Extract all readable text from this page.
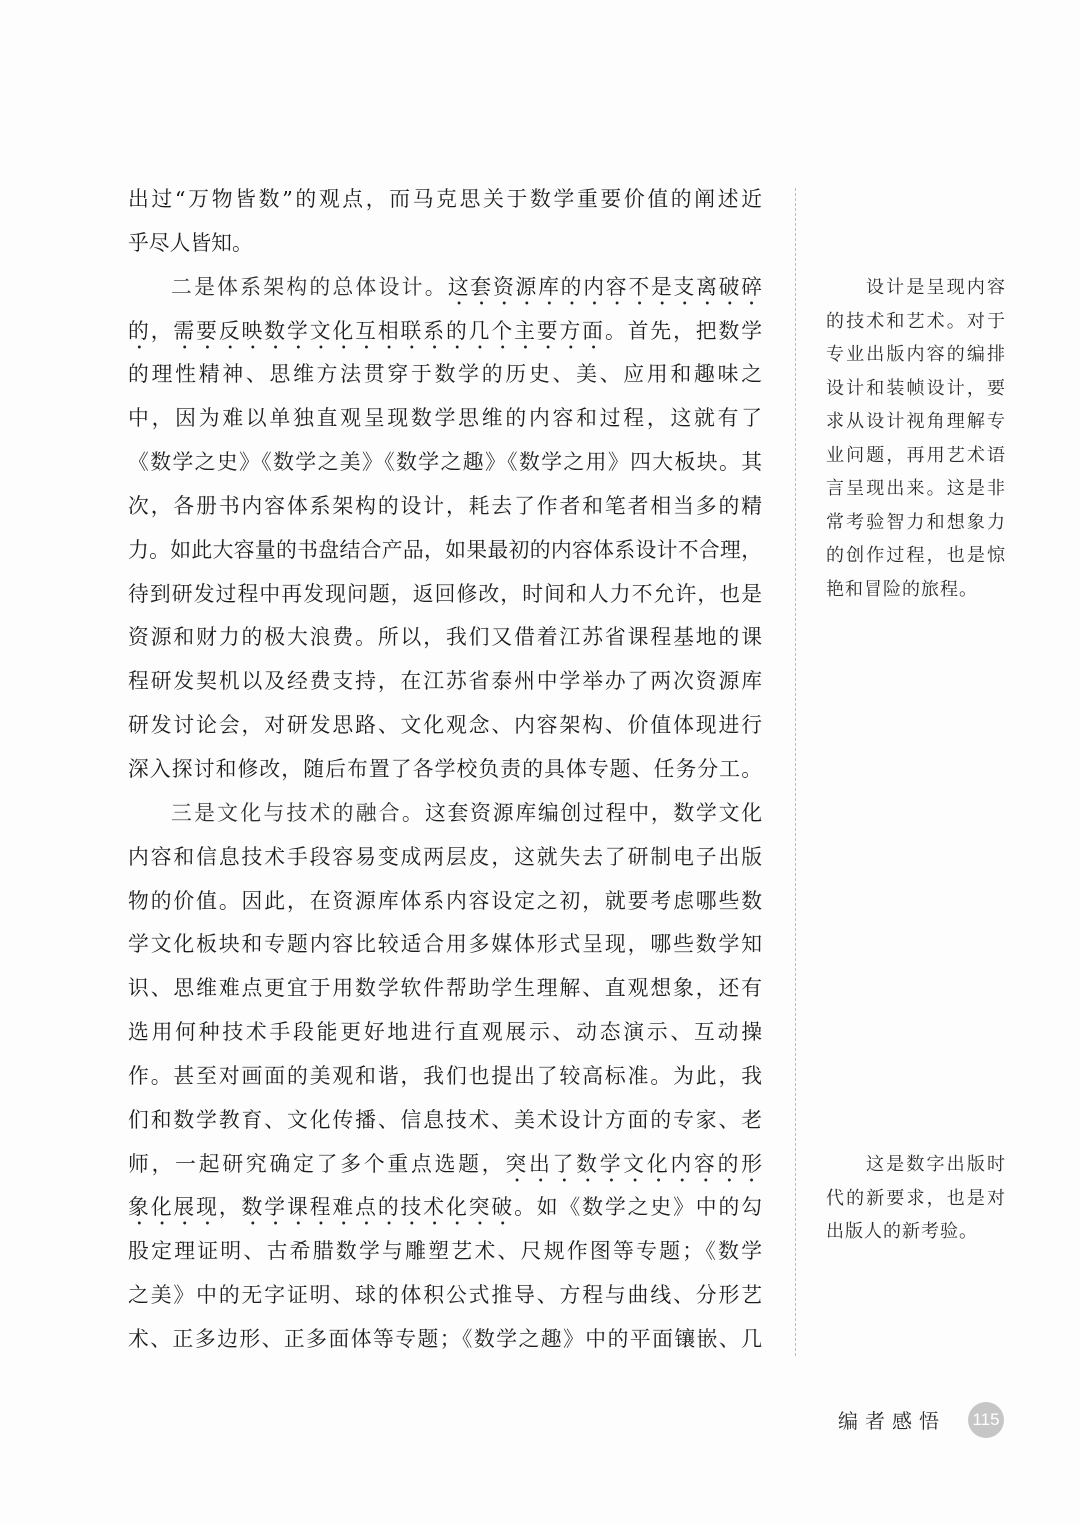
出过“万物皆数”的观点，而马克思关于数学重要价值的阐述近
乎尽人皆知。
二是体系架构的总体设计。这套资源库的内容不是支离破碎
的，需要反映数学文化互相联系的几个主要方面。首先，把数学
的理性精神、思维方法贯穿于数学的历史、美、应用和趣味之
中，因为难以单独直观呈现数学思维的内容和过程，这就有了
《数学之史》《数学之美》《数学之趣》《数学之用》四大板块。其
次，各册书内容体系架构的设计，耗去了作者和笔者相当多的精
力。如此大容量的书盘结合产品，如果最初的内容体系设计不合理，
待到研发过程中再发现问题，返回修改，时间和人力不允许，也是
资源和财力的极大浪费。所以，我们又借着江苏省课程基地的课
程研发契机以及经费支持，在江苏省泰州中学举办了两次资源库
研发讨论会，对研发思路、文化观念、内容架构、价值体现进行
深入探讨和修改，随后布置了各学校负责的具体专题、任务分工。
三是文化与技术的融合。这套资源库编创过程中，数学文化
内容和信息技术手段容易变成两层皮，这就失去了研制电子出版
物的价值。因此，在资源库体系内容设定之初，就要考虑哪些数
学文化板块和专题内容比较适合用多媒体形式呈现，哪些数学知
识、思维难点更宜于用数学软件帮助学生理解、直观想象，还有
选用何种技术手段能更好地进行直观展示、动态演示、互动操
作。甚至对画面的美观和谐，我们也提出了较高标准。为此，我
们和数学教育、文化传播、信息技术、美术设计方面的专家、老
师，一起研究确定了多个重点选题，突出了数学文化内容的形
象化展现，数学课程难点的技术化突破。如《数学之史》中的勾
股定理证明、古希腊数学与雕塑艺术、尺规作图等专题；《数学
之美》中的无字证明、球的体积公式推导、方程与曲线、分形艺
术、正多边形、正多面体等专题；《数学之趣》中的平面镶嵌、几
设计是呈现内容
的技术和艺术。对于
专业出版内容的编排
设计和装帧设计，要
求从设计视角理解专
业问题，再用艺术语
言呈现出来。这是非
常考验智力和想象力
的创作过程，也是惊
艳和冒险的旅程。
这是数字出版时
代的新要求，也是对
出版人的新考验。
编者感悟 115
